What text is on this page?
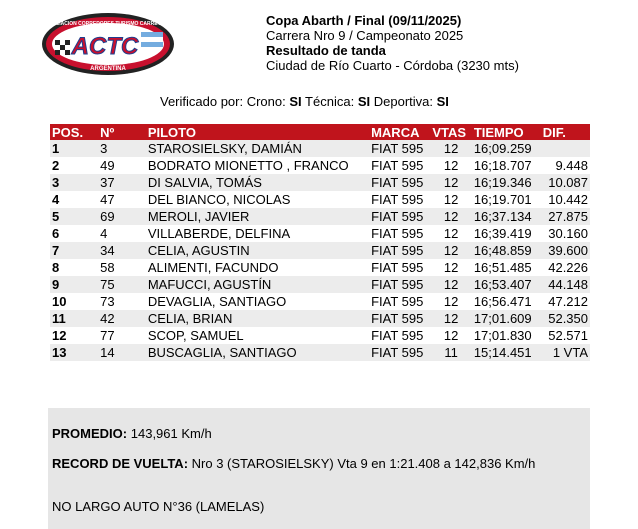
ASOCIACION CORREDORES TURISMO CARRETERA
ACTC
ARGENTINA
Copa Abarth / Final (09/11/2025)
Carrera Nro 9 / Campeonato 2025
Resultado de tanda
Ciudad de Río Cuarto - Córdoba (3230 mts)
Verificado por: Crono: SI Técnica: SI Deportiva: SI
POS.	Nº	PILOTO	MARCA	VTAS	TIEMPO	DIF.
1	3	STAROSIELSKY, DAMIÁN	FIAT 595	12	16;09.259	
2	49	BODRATO MIONETTO , FRANCO	FIAT 595	12	16;18.707	9.448
3	37	DI SALVIA, TOMÁS	FIAT 595	12	16;19.346	10.087
4	47	DEL BIANCO, NICOLAS	FIAT 595	12	16;19.701	10.442
5	69	MEROLI, JAVIER	FIAT 595	12	16;37.134	27.875
6	4	VILLABERDE, DELFINA	FIAT 595	12	16;39.419	30.160
7	34	CELIA, AGUSTIN	FIAT 595	12	16;48.859	39.600
8	58	ALIMENTI, FACUNDO	FIAT 595	12	16;51.485	42.226
9	75	MAFUCCI, AGUSTÍN	FIAT 595	12	16;53.407	44.148
10	73	DEVAGLIA, SANTIAGO	FIAT 595	12	16;56.471	47.212
11	42	CELIA, BRIAN	FIAT 595	12	17;01.609	52.350
12	77	SCOP, SAMUEL	FIAT 595	12	17;01.830	52.571
13	14	BUSCAGLIA, SANTIAGO	FIAT 595	11	15;14.451	1 VTA
PROMEDIO: 143,961 Km/h
RECORD DE VUELTA: Nro 3 (STAROSIELSKY) Vta 9 en 1:21.408 a 142,836 Km/h
NO LARGO AUTO N°36 (LAMELAS)
